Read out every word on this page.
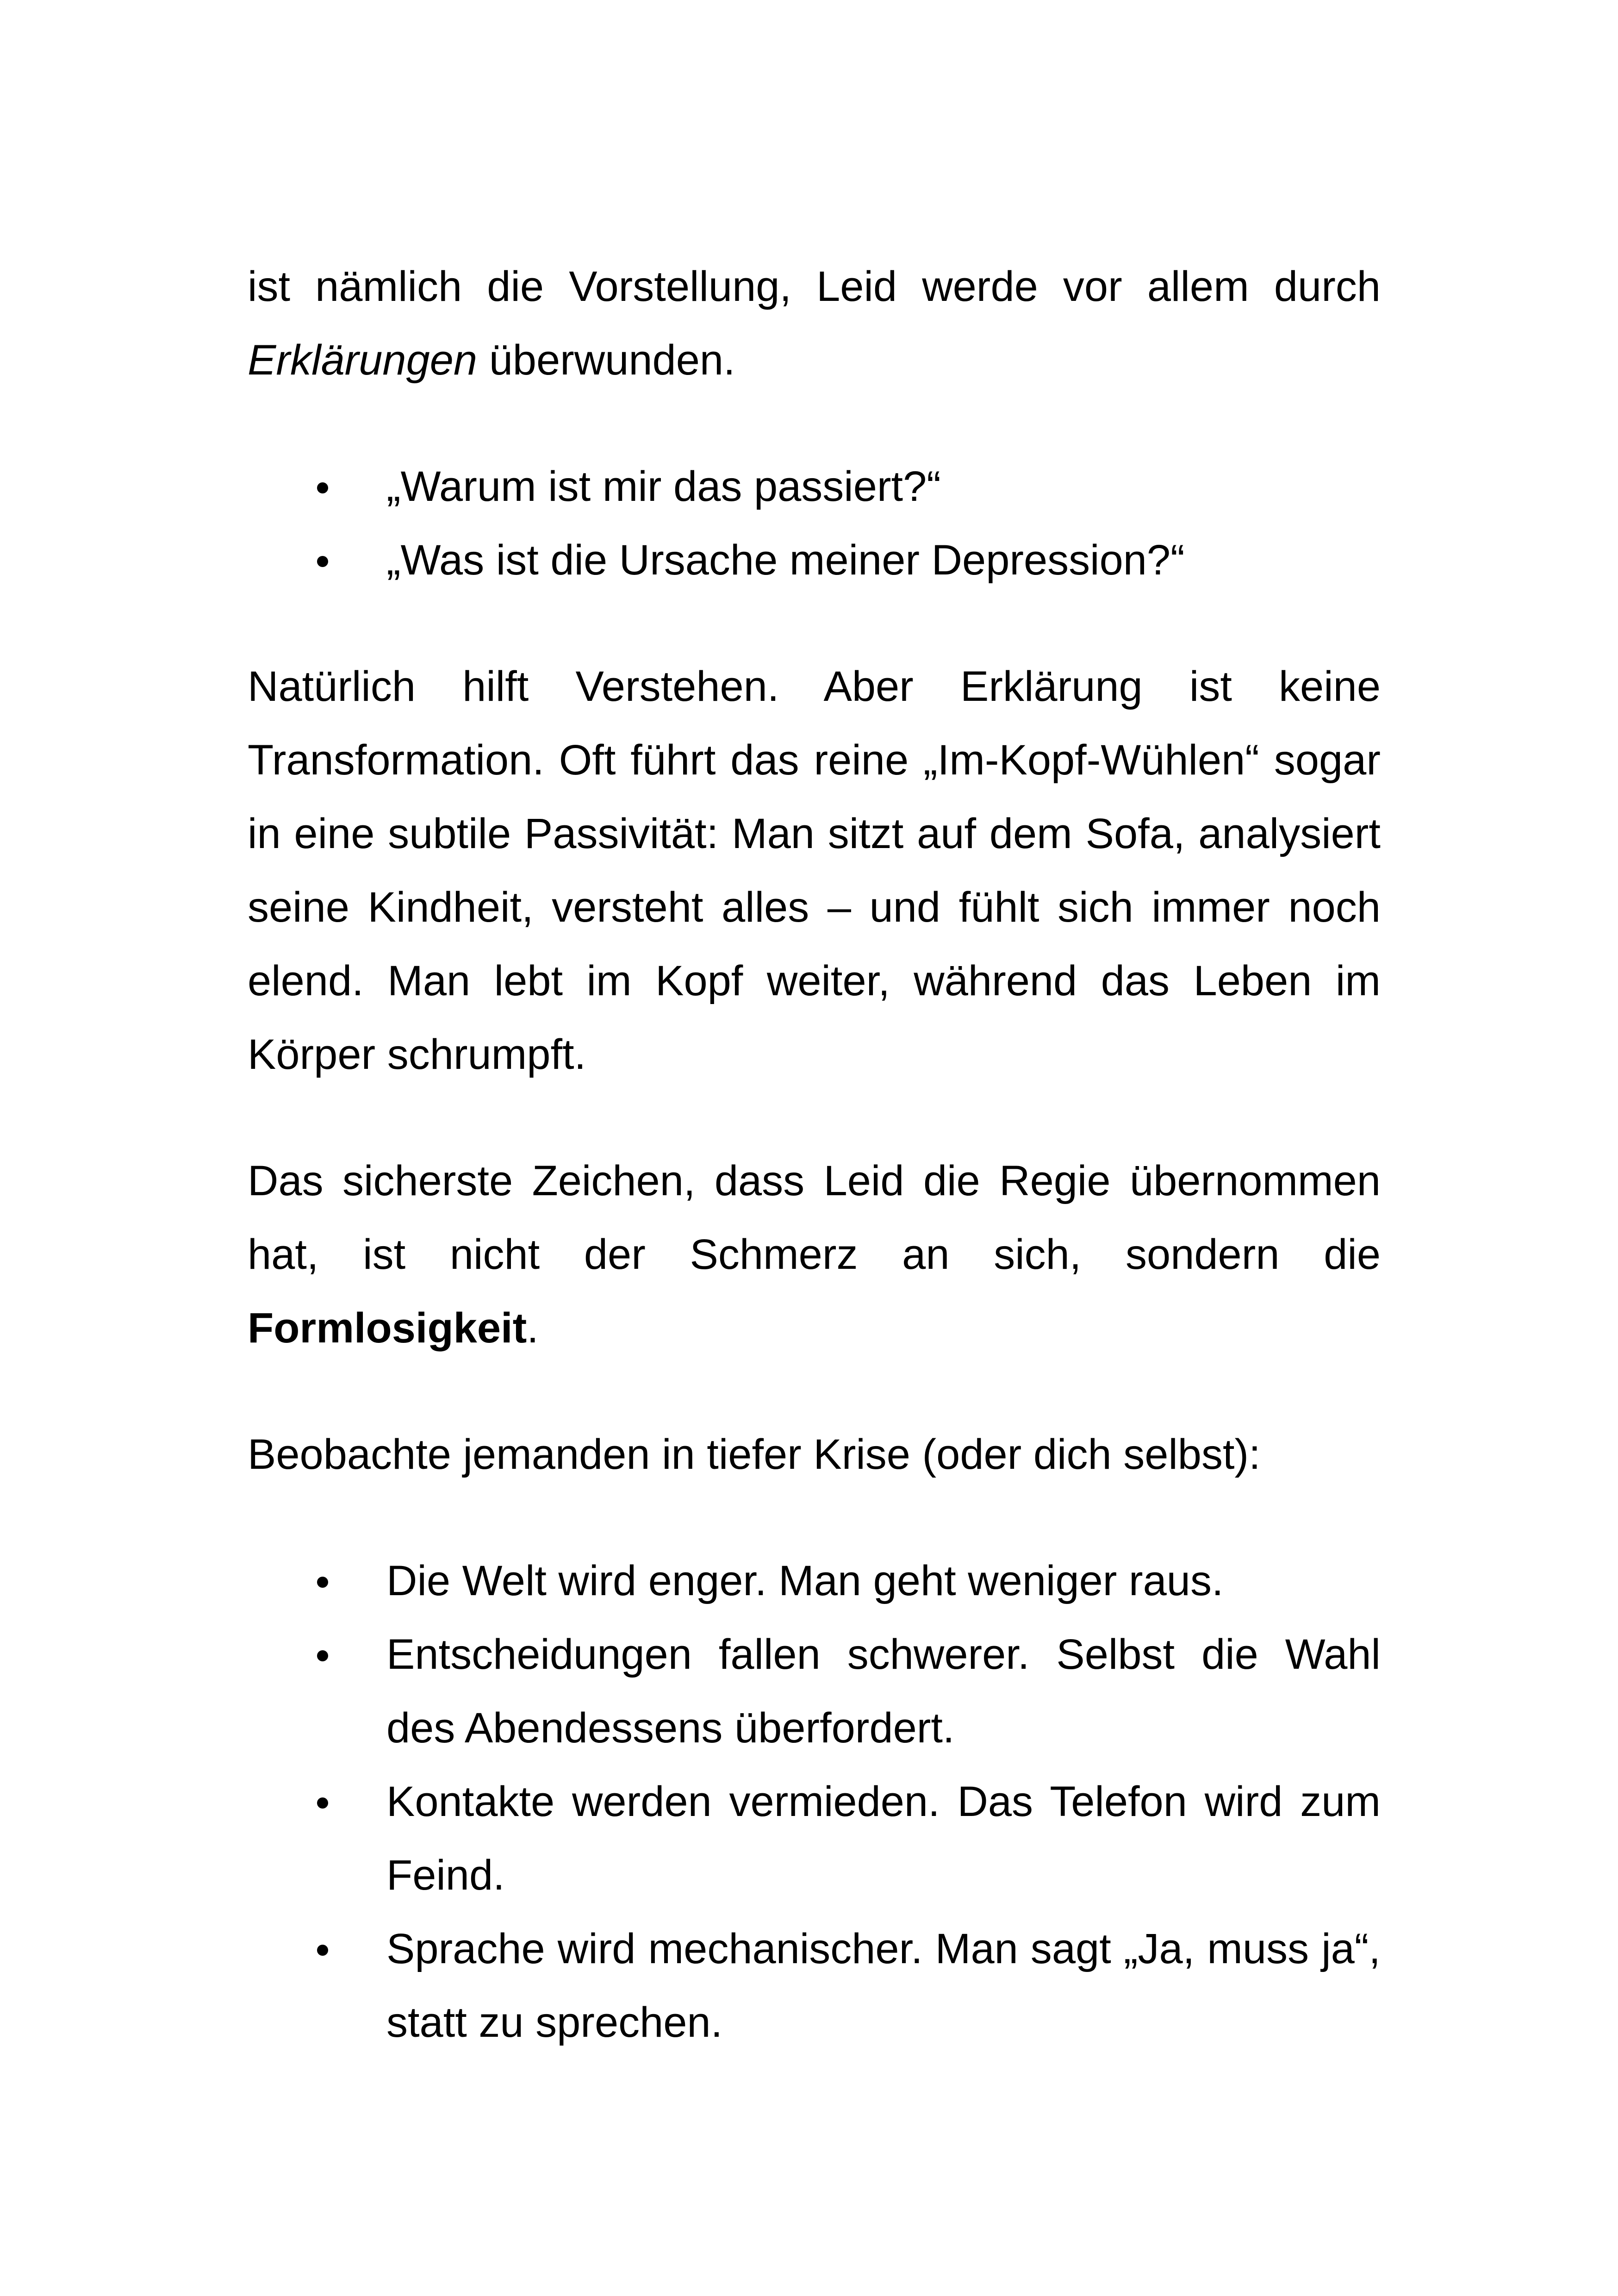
ist nämlich die Vorstellung, Leid werde vor allem durch Erklärungen überwunden.

„Warum ist mir das passiert?“
„Was ist die Ursache meiner Depression?“

Natürlich hilft Verstehen. Aber Erklärung ist keine Transformation. Oft führt das reine „Im-Kopf-Wühlen“ sogar in eine subtile Passivität: Man sitzt auf dem Sofa, analysiert seine Kindheit, versteht alles – und fühlt sich immer noch elend. Man lebt im Kopf weiter, während das Leben im Körper schrumpft.

Das sicherste Zeichen, dass Leid die Regie übernommen hat, ist nicht der Schmerz an sich, sondern die Formlosigkeit.

Beobachte jemanden in tiefer Krise (oder dich selbst):

Die Welt wird enger. Man geht weniger raus.
Entscheidungen fallen schwerer. Selbst die Wahl des Abendessens überfordert.
Kontakte werden vermieden. Das Telefon wird zum Feind.
Sprache wird mechanischer. Man sagt „Ja, muss ja“, statt zu sprechen.
